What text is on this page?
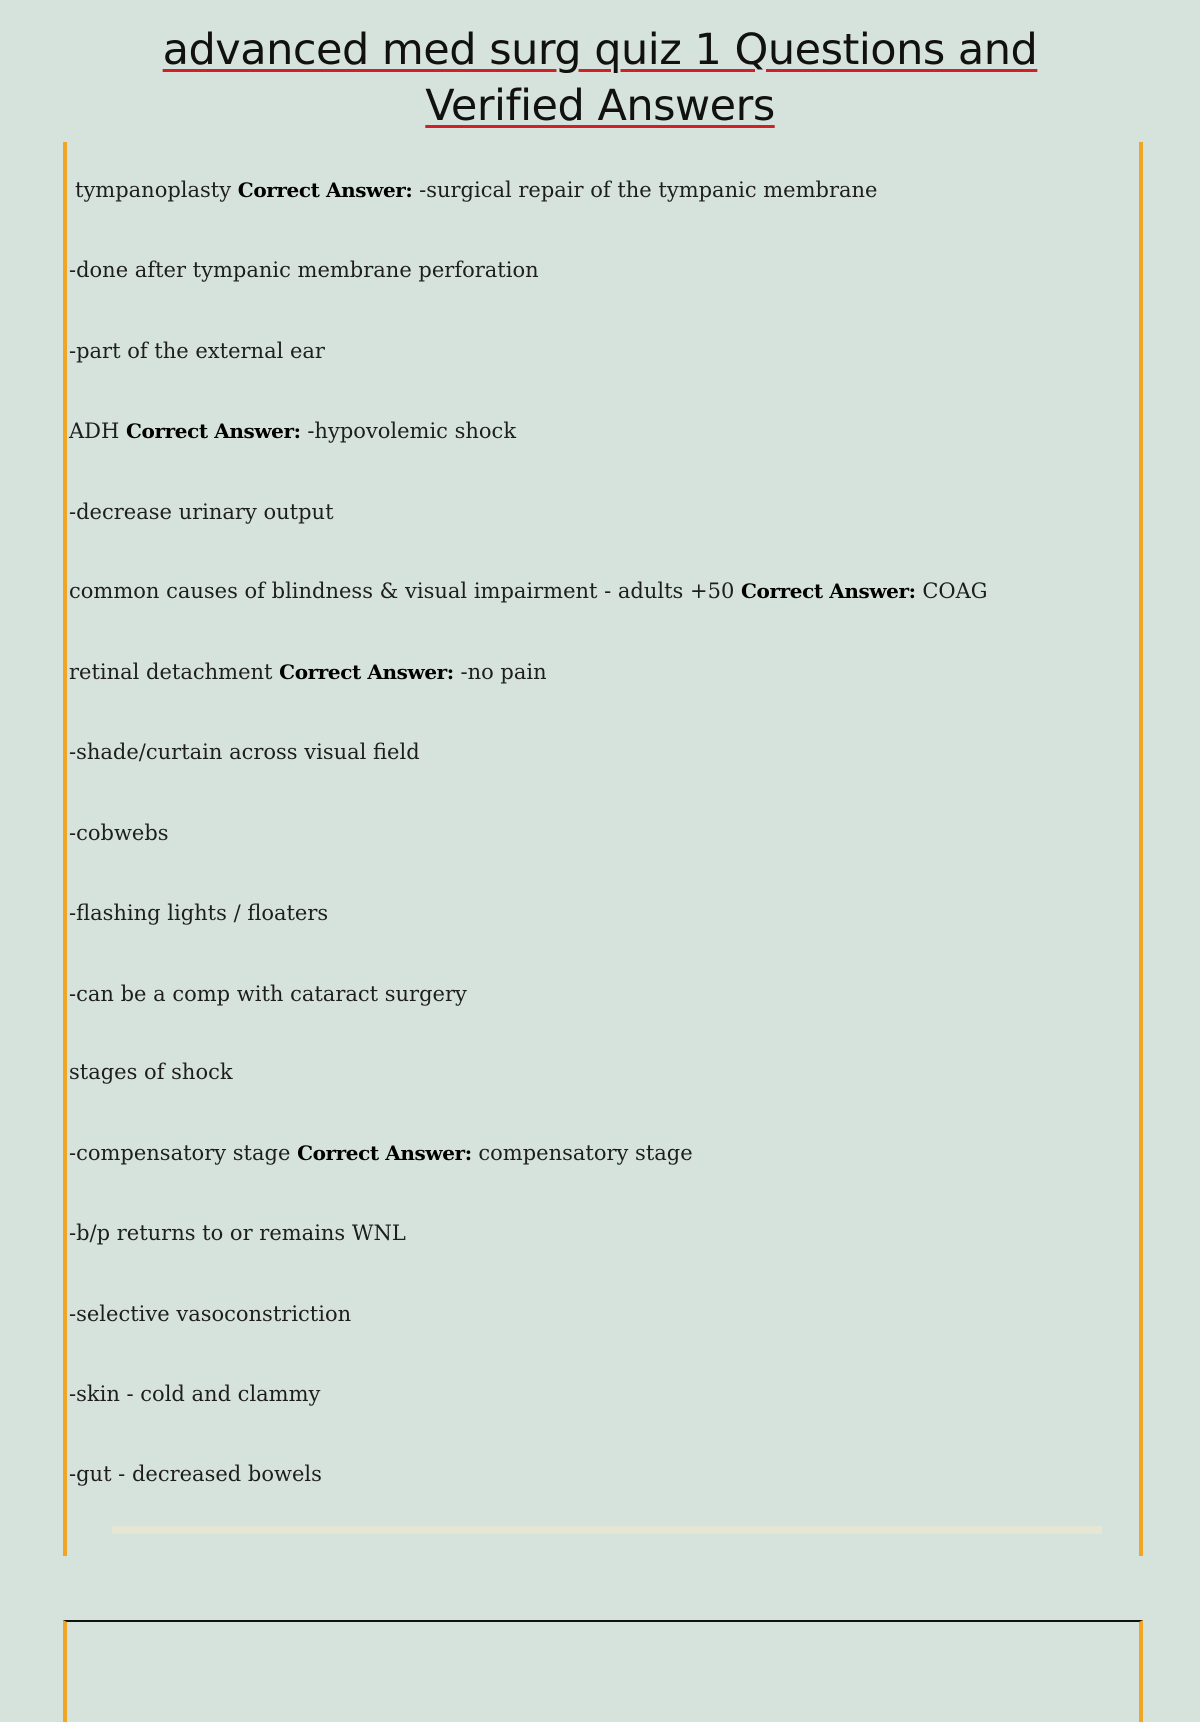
advanced med surg quiz 1 Questions and
Verified Answers

tympanoplasty Correct Answer: -surgical repair of the tympanic membrane

-done after tympanic membrane perforation

-part of the external ear

ADH Correct Answer: -hypovolemic shock

-decrease urinary output

common causes of blindness & visual impairment - adults +50 Correct Answer: COAG

retinal detachment Correct Answer: -no pain

-shade/curtain across visual field

-cobwebs

-flashing lights / floaters

-can be a comp with cataract surgery

stages of shock

-compensatory stage Correct Answer: compensatory stage

-b/p returns to or remains WNL

-selective vasoconstriction

-skin - cold and clammy

-gut - decreased bowels
